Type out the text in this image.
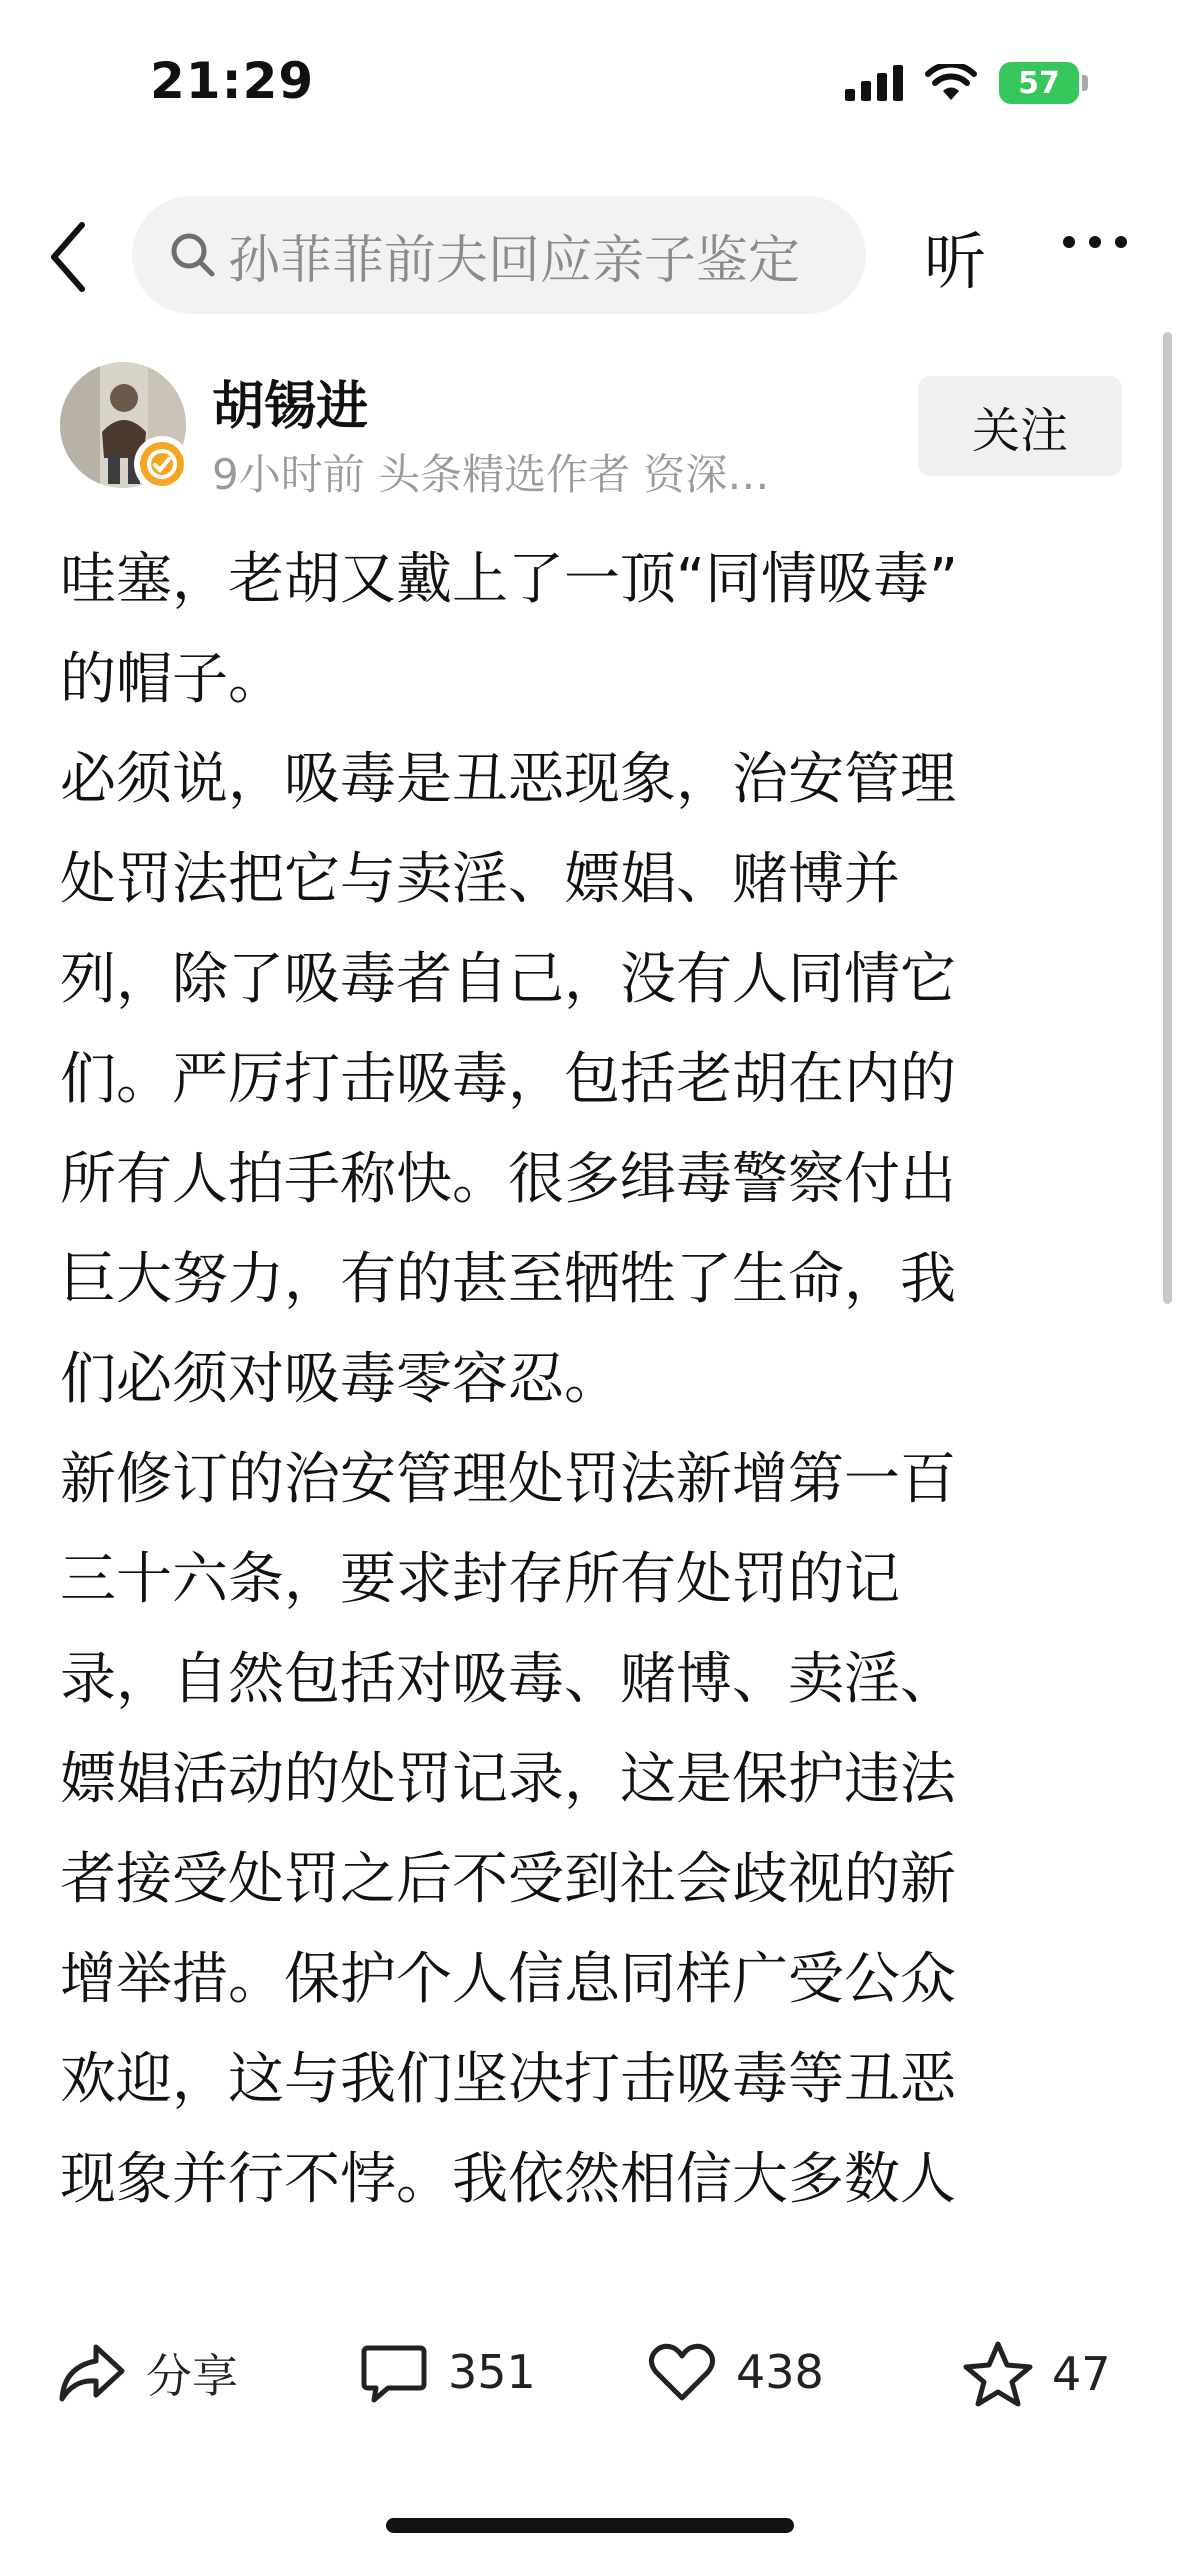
21:29	57
孙菲菲前夫回应亲子鉴定 听
胡锡进
9小时前 头条精选作者 资深…
关注

哇塞，老胡又戴上了一顶“同情吸毒”
的帽子。

必须说，吸毒是丑恶现象，治安管理
处罚法把它与卖淫、嫖娼、赌博并
列，除了吸毒者自己，没有人同情它
们。严厉打击吸毒，包括老胡在内的
所有人拍手称快。很多缉毒警察付出
巨大努力，有的甚至牺牲了生命，我
们必须对吸毒零容忍。

新修订的治安管理处罚法新增第一百
三十六条，要求封存所有处罚的记
录，自然包括对吸毒、赌博、卖淫、
嫖娼活动的处罚记录，这是保护违法
者接受处罚之后不受到社会歧视的新
增举措。保护个人信息同样广受公众
欢迎，这与我们坚决打击吸毒等丑恶
现象并行不悖。我依然相信大多数人

分享	351	438	47
